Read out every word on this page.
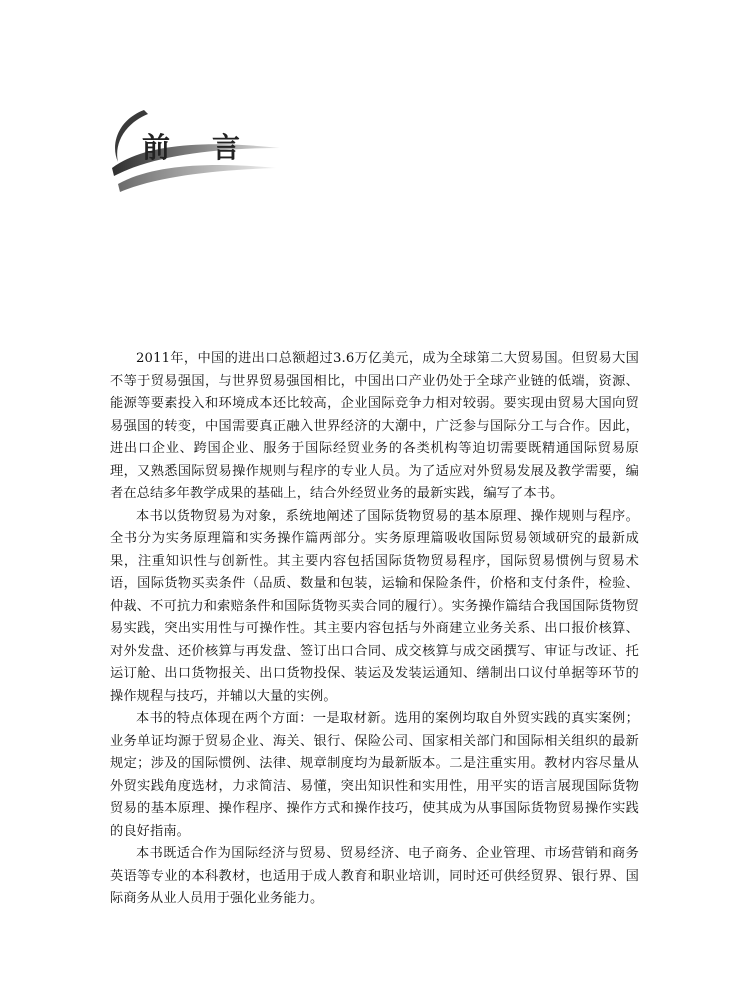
前 言

2011年，中国的进出口总额超过3.6万亿美元，成为全球第二大贸易国。但贸易大国不等于贸易强国，与世界贸易强国相比，中国出口产业仍处于全球产业链的低端，资源、能源等要素投入和环境成本还比较高，企业国际竞争力相对较弱。要实现由贸易大国向贸易强国的转变，中国需要真正融入世界经济的大潮中，广泛参与国际分工与合作。因此，进出口企业、跨国企业、服务于国际经贸业务的各类机构等迫切需要既精通国际贸易原理，又熟悉国际贸易操作规则与程序的专业人员。为了适应对外贸易发展及教学需要，编者在总结多年教学成果的基础上，结合外经贸业务的最新实践，编写了本书。

本书以货物贸易为对象，系统地阐述了国际货物贸易的基本原理、操作规则与程序。全书分为实务原理篇和实务操作篇两部分。实务原理篇吸收国际贸易领域研究的最新成果，注重知识性与创新性。其主要内容包括国际货物贸易程序，国际贸易惯例与贸易术语，国际货物买卖条件（品质、数量和包装，运输和保险条件，价格和支付条件，检验、仲裁、不可抗力和索赔条件和国际货物买卖合同的履行）。实务操作篇结合我国国际货物贸易实践，突出实用性与可操作性。其主要内容包括与外商建立业务关系、出口报价核算、对外发盘、还价核算与再发盘、签订出口合同、成交核算与成交函撰写、审证与改证、托运订舱、出口货物报关、出口货物投保、装运及发装运通知、缮制出口议付单据等环节的操作规程与技巧，并辅以大量的实例。

本书的特点体现在两个方面：一是取材新。选用的案例均取自外贸实践的真实案例；业务单证均源于贸易企业、海关、银行、保险公司、国家相关部门和国际相关组织的最新规定；涉及的国际惯例、法律、规章制度均为最新版本。二是注重实用。教材内容尽量从外贸实践角度选材，力求简洁、易懂，突出知识性和实用性，用平实的语言展现国际货物贸易的基本原理、操作程序、操作方式和操作技巧，使其成为从事国际货物贸易操作实践的良好指南。

本书既适合作为国际经济与贸易、贸易经济、电子商务、企业管理、市场营销和商务英语等专业的本科教材，也适用于成人教育和职业培训，同时还可供经贸界、银行界、国际商务从业人员用于强化业务能力。
